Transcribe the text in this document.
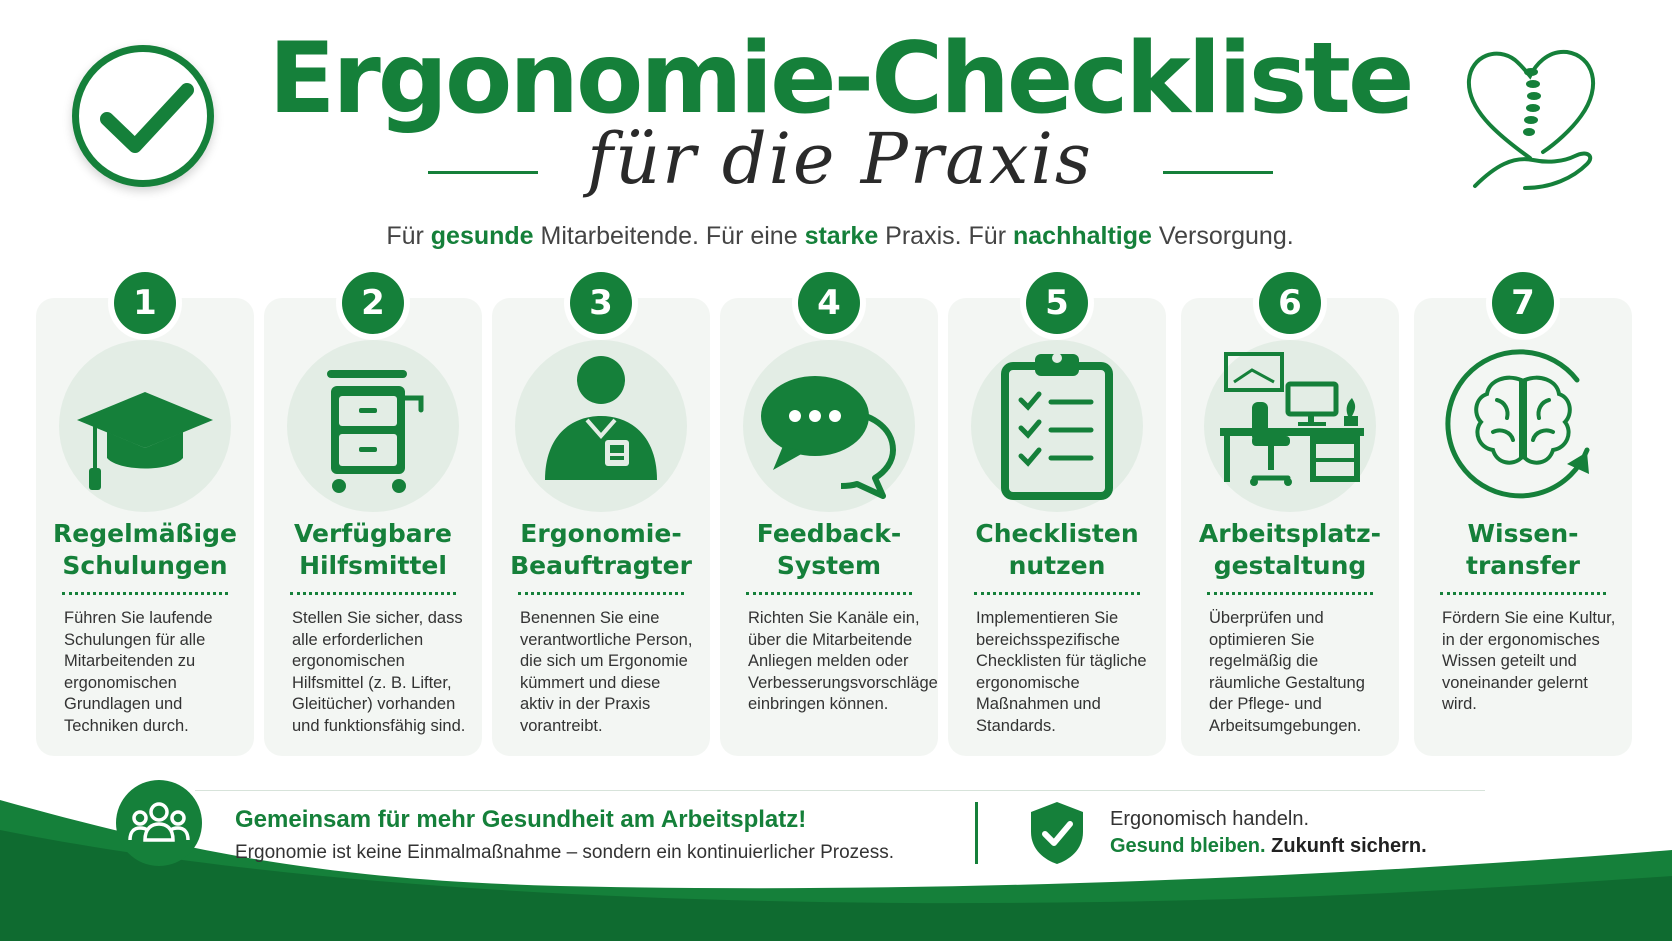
Ergonomie-Checkliste
für die Praxis
Für gesunde Mitarbeitende. Für eine starke Praxis. Für nachhaltige Versorgung.
1
Regelmäßige Schulungen
Führen Sie laufende Schulungen für alle Mitarbeitenden zu ergonomischen Grundlagen und Techniken durch.
2
Verfügbare Hilfsmittel
Stellen Sie sicher, dass alle erforderlichen ergonomischen Hilfsmittel (z. B. Lifter, Gleitücher) vorhanden und funktionsfähig sind.
3
Ergonomie-Beauftragter
Benennen Sie eine verantwortliche Person, die sich um Ergonomie kümmert und diese aktiv in der Praxis vorantreibt.
4
Feedback-System
Richten Sie Kanäle ein, über die Mitarbeitende Anliegen melden oder Verbesserungsvorschläge einbringen können.
5
Checklisten nutzen
Implementieren Sie bereichsspezifische Checklisten für tägliche ergonomische Maßnahmen und Standards.
6
Arbeitsplatz-gestaltung
Überprüfen und optimieren Sie regelmäßig die räumliche Gestaltung der Pflege- und Arbeitsumgebungen.
7
Wissen-transfer
Fördern Sie eine Kultur, in der ergonomisches Wissen geteilt und voneinander gelernt wird.
Gemeinsam für mehr Gesundheit am Arbeitsplatz!
Ergonomie ist keine Einmalmaßnahme – sondern ein kontinuierlicher Prozess.
Ergonomisch handeln.
Gesund bleiben. Zukunft sichern.
